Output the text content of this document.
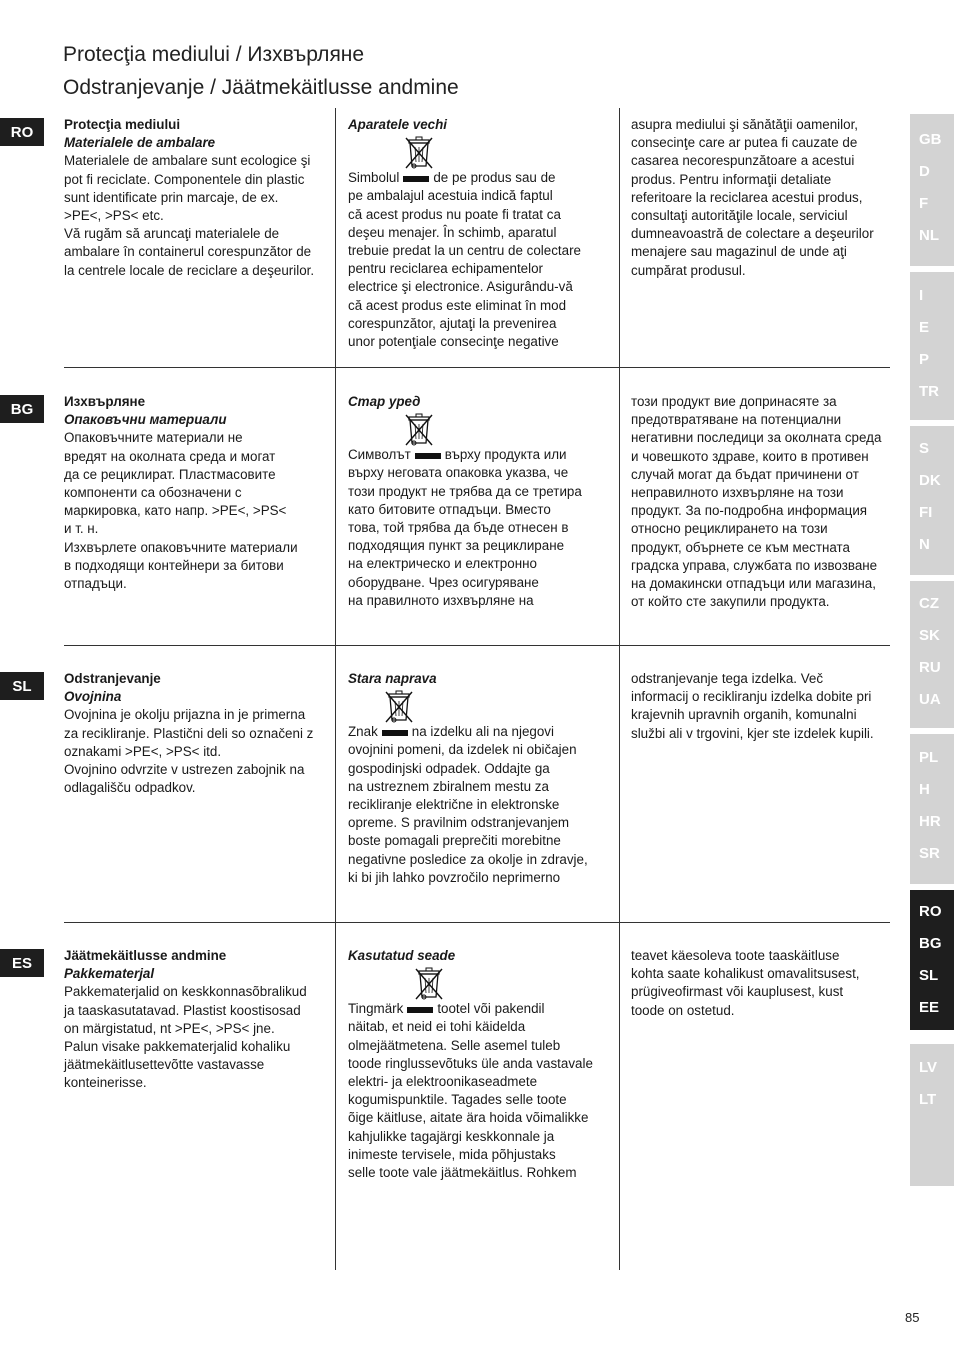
Protecţia mediului / Изхвърляне
Odstranjevanje / Jäätmekäitlusse andmine
RO	Protecţia mediului
Materialele de ambalare
Materialele de ambalare sunt ecologice şi
pot fi reciclate. Componentele din plastic
sunt identificate prin marcaje, de ex.
>PE<, >PS< etc.
Vă rugăm să aruncaţi materialele de
ambalare în containerul corespunzător de
la centrele locale de reciclare a deşeurilor.
Aparatele vechi
Simbolul	de pe produs sau de
pe ambalajul acestuia indică faptul
că acest produs nu poate fi tratat ca
deşeu menajer. În schimb, aparatul
trebuie predat la un centru de colectare
pentru reciclarea echipamentelor
electrice şi electronice. Asigurându-vă
că acest produs este eliminat în mod
corespunzător, ajutaţi la prevenirea
unor potenţiale consecinţe negative
asupra mediului şi sănătăţii oamenilor,
consecinţe care ar putea fi cauzate de
casarea necorespunzătoare a acestui
produs. Pentru informaţii detaliate
referitoare la reciclarea acestui produs,
consultaţi autorităţile locale, serviciul
dumneavoastră de colectare a deşeurilor
menajere sau magazinul de unde aţi
cumpărat produsul.
BG	Изхвърляне
Опаковъчни материали
Опаковъчните материали не
вредят на околната среда и могат
да се рециклират. Пластмасовите
компоненти са обозначени с
маркировка, като напр. >PE<, >PS<
и т. н.
Изхвърлете опаковъчните материали
в подходящи контейнери за битови
отпадъци.
Стар уред
Символът	върху продукта или
върху неговата опаковка указва, че
този продукт не трябва да се третира
като битовите отпадъци. Вместо
това, той трябва да бъде отнесен в
подходящия пункт за рециклиране
на електрическо и електронно
оборудване. Чрез осигуряване
на правилното изхвърляне на
този продукт вие допринасяте за
предотвратяване на потенциални
негативни последици за околната среда
и човешкото здраве, които в противен
случай могат да бъдат причинени от
неправилното изхвърляне на този
продукт. За по-подробна информация
относно рециклирането на този
продукт, обърнете се към местната
градска управа, службата по извозване
на домакински отпадъци или магазина,
от който сте закупили продукта.
SL	Odstranjevanje
Ovojnina
Ovojnina je okolju prijazna in je primerna
za recikliranje. Plastični deli so označeni z
oznakami >PE<, >PS< itd.
Ovojnino odvrzite v ustrezen zabojnik na
odlagališču odpadkov.
Stara naprava
Znak	na izdelku ali na njegovi
ovojnini pomeni, da izdelek ni običajen
gospodinjski odpadek. Oddajte ga
na ustreznem zbiralnem mestu za
recikliranje električne in elektronske
opreme. S pravilnim odstranjevanjem
boste pomagali preprečiti morebitne
negativne posledice za okolje in zdravje,
ki bi jih lahko povzročilo neprimerno
odstranjevanje tega izdelka. Več
informacij o recikliranju izdelka dobite pri
krajevnih upravnih organih, komunalni
službi ali v trgovini, kjer ste izdelek kupili.
ES	Jäätmekäitlusse andmine
Pakkematerjal
Pakkematerjalid on keskkonnasõbralikud
ja taaskasutatavad. Plastist koostisosad
on märgistatud, nt >PE<, >PS< jne.
Palun visake pakkematerjalid kohaliku
jäätmekäitlusettevõtte vastavasse
konteinerisse.
Kasutatud seade
Tingmärk	tootel või pakendil
näitab, et neid ei tohi käidelda
olmejäätmetena. Selle asemel tuleb
toode ringlussevõtuks üle anda vastavale
elektri- ja elektroonikaseadmete
kogumispunktile. Tagades selle toote
õige käitluse, aitate ära hoida võimalikke
kahjulikke tagajärgi keskkonnale ja
inimeste tervisele, mida põhjustaks
selle toote vale jäätmekäitlus. Rohkem
teavet käesoleva toote taaskäitluse
kohta saate kohalikust omavalitsusest,
prügiveofirmast või kauplusest, kust
toode on ostetud.
GB
D
F
NL
I
E
P
TR
S
DK
FI
N
CZ
SK
RU
UA
PL
H
HR
SR
RO
BG
SL
EE
LV
LT
85
